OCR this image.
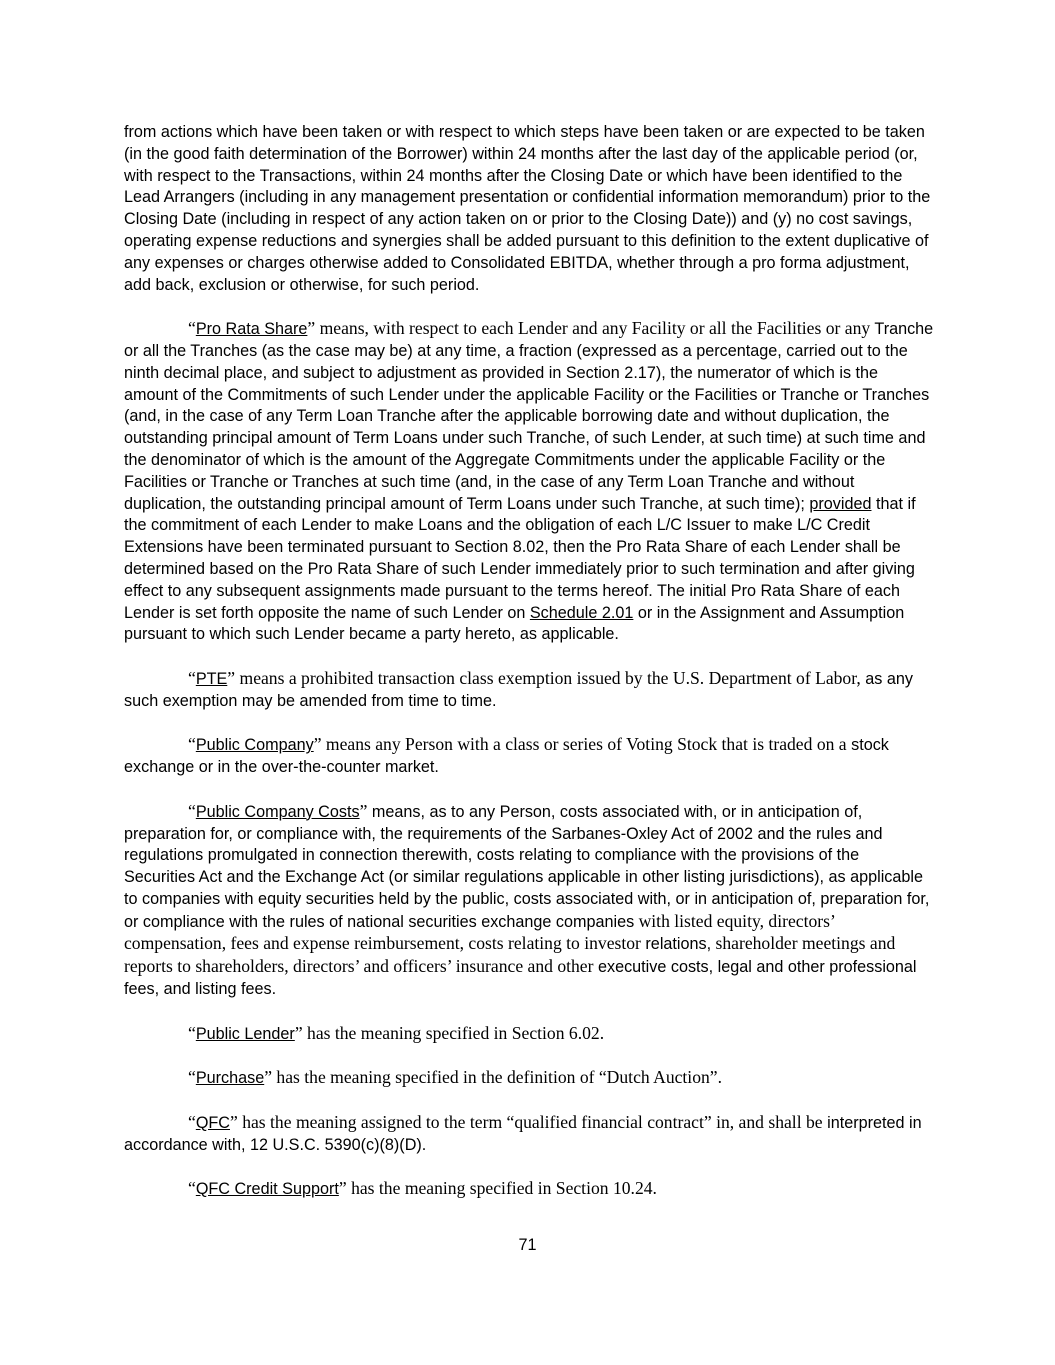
from actions which have been taken or with respect to which steps have been taken or are expected to be taken (in the good faith determination of the Borrower) within 24 months after the last day of the applicable period (or, with respect to the Transactions, within 24 months after the Closing Date or which have been identified to the Lead Arrangers (including in any management presentation or confidential information memorandum) prior to the Closing Date (including in respect of any action taken on or prior to the Closing Date)) and (y) no cost savings, operating expense reductions and synergies shall be added pursuant to this definition to the extent duplicative of any expenses or charges otherwise added to Consolidated EBITDA, whether through a pro forma adjustment, add back, exclusion or otherwise, for such period.

“Pro Rata Share” means, with respect to each Lender and any Facility or all the Facilities or any Tranche or all the Tranches (as the case may be) at any time, a fraction (expressed as a percentage, carried out to the ninth decimal place, and subject to adjustment as provided in Section 2.17), the numerator of which is the amount of the Commitments of such Lender under the applicable Facility or the Facilities or Tranche or Tranches (and, in the case of any Term Loan Tranche after the applicable borrowing date and without duplication, the outstanding principal amount of Term Loans under such Tranche, of such Lender, at such time) at such time and the denominator of which is the amount of the Aggregate Commitments under the applicable Facility or the Facilities or Tranche or Tranches at such time (and, in the case of any Term Loan Tranche and without duplication, the outstanding principal amount of Term Loans under such Tranche, at such time); provided that if the commitment of each Lender to make Loans and the obligation of each L/C Issuer to make L/C Credit Extensions have been terminated pursuant to Section 8.02, then the Pro Rata Share of each Lender shall be determined based on the Pro Rata Share of such Lender immediately prior to such termination and after giving effect to any subsequent assignments made pursuant to the terms hereof. The initial Pro Rata Share of each Lender is set forth opposite the name of such Lender on Schedule 2.01 or in the Assignment and Assumption pursuant to which such Lender became a party hereto, as applicable.

“PTE” means a prohibited transaction class exemption issued by the U.S. Department of Labor, as any such exemption may be amended from time to time.

“Public Company” means any Person with a class or series of Voting Stock that is traded on a stock exchange or in the over-the-counter market.

“Public Company Costs” means, as to any Person, costs associated with, or in anticipation of, preparation for, or compliance with, the requirements of the Sarbanes-Oxley Act of 2002 and the rules and regulations promulgated in connection therewith, costs relating to compliance with the provisions of the Securities Act and the Exchange Act (or similar regulations applicable in other listing jurisdictions), as applicable to companies with equity securities held by the public, costs associated with, or in anticipation of, preparation for, or compliance with the rules of national securities exchange companies with listed equity, directors’ compensation, fees and expense reimbursement, costs relating to investor relations, shareholder meetings and reports to shareholders, directors’ and officers’ insurance and other executive costs, legal and other professional fees, and listing fees.

“Public Lender” has the meaning specified in Section 6.02.

“Purchase” has the meaning specified in the definition of “Dutch Auction”.

“QFC” has the meaning assigned to the term “qualified financial contract” in, and shall be interpreted in accordance with, 12 U.S.C. 5390(c)(8)(D).

“QFC Credit Support” has the meaning specified in Section 10.24.

71
